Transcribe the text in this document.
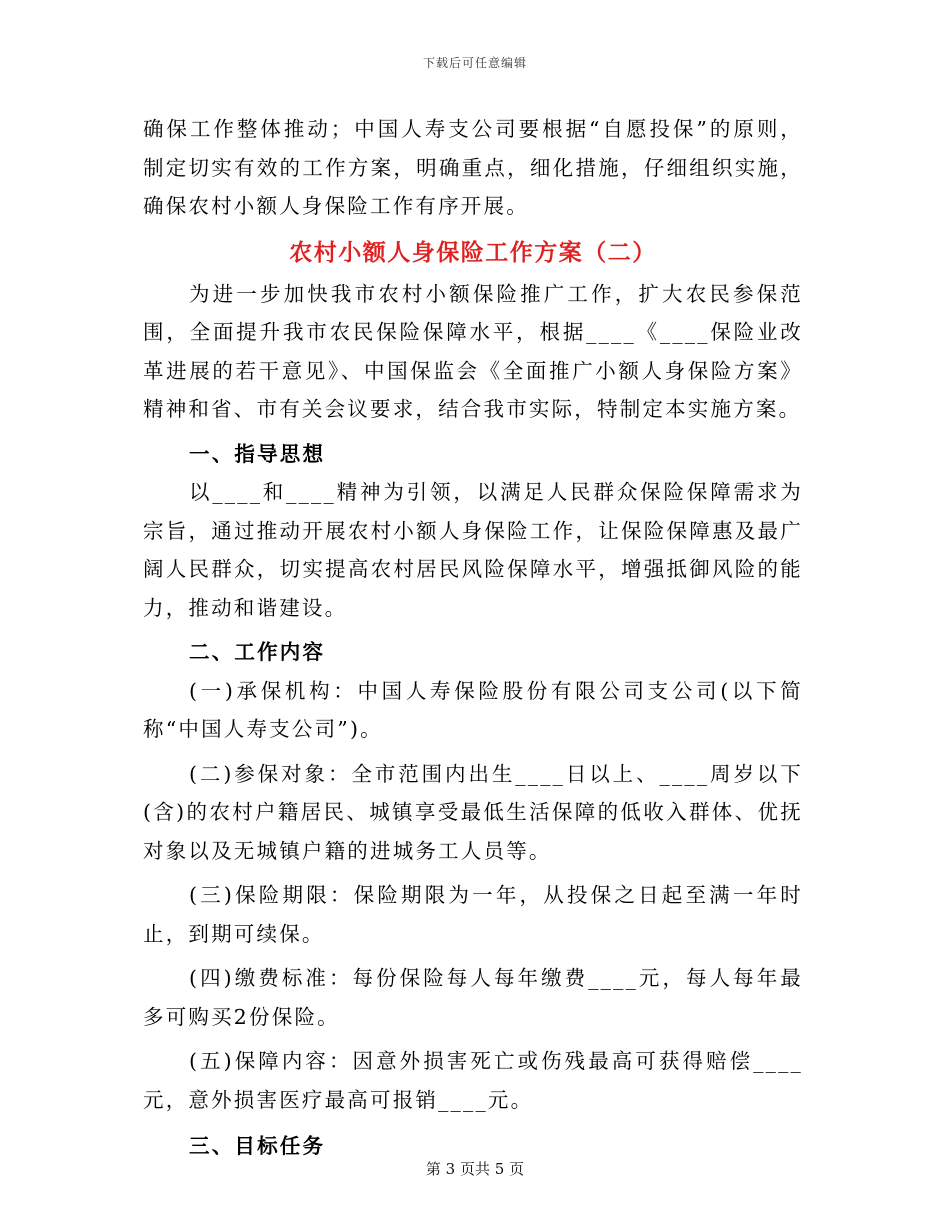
下载后可任意编辑

确保工作整体推动；中国人寿支公司要根据“自愿投保”的原则，制定切实有效的工作方案，明确重点，细化措施，仔细组织实施，确保农村小额人身保险工作有序开展。

农村小额人身保险工作方案（二）

为进一步加快我市农村小额保险推广工作，扩大农民参保范围，全面提升我市农民保险保障水平，根据____《____保险业改革进展的若干意见》、中国保监会《全面推广小额人身保险方案》精神和省、市有关会议要求，结合我市实际，特制定本实施方案。

一、指导思想

以____和____精神为引领，以满足人民群众保险保障需求为宗旨，通过推动开展农村小额人身保险工作，让保险保障惠及最广阔人民群众，切实提高农村居民风险保障水平，增强抵御风险的能力，推动和谐建设。

二、工作内容

(一)承保机构：中国人寿保险股份有限公司支公司(以下简称“中国人寿支公司”)。

(二)参保对象：全市范围内出生____日以上、____周岁以下(含)的农村户籍居民、城镇享受最低生活保障的低收入群体、优抚对象以及无城镇户籍的进城务工人员等。

(三)保险期限：保险期限为一年，从投保之日起至满一年时止，到期可续保。

(四)缴费标准：每份保险每人每年缴费____元，每人每年最多可购买2份保险。

(五)保障内容：因意外损害死亡或伤残最高可获得赔偿____元，意外损害医疗最高可报销____元。

三、目标任务
第 3 页共 5 页
